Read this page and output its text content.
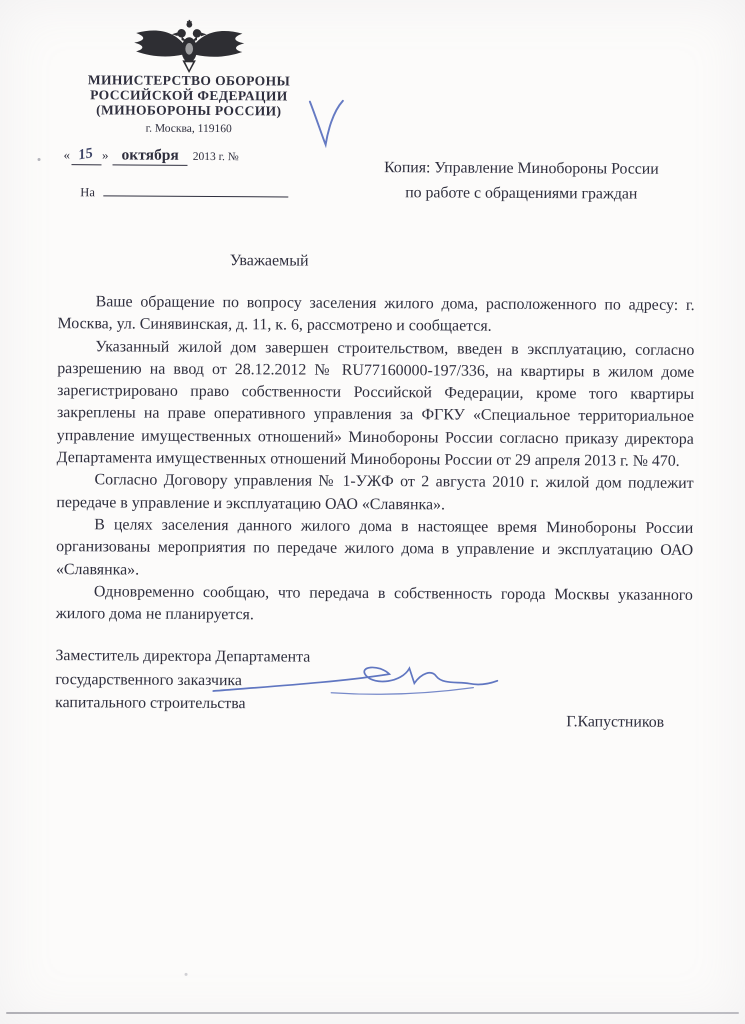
МИНИСТЕРСТВО ОБОРОНЫ
РОССИЙСКОЙ ФЕДЕРАЦИИ
(МИНОБОРОНЫ РОССИИ)
г. Москва, 119160
« 15 » октября 2013 г. №
На
Копия: Управление Минобороны России
по работе с обращениями граждан
Уважаемый

Ваше обращение по вопросу заселения жилого дома, расположенного по адресу: г. Москва, ул. Синявинская, д. 11, к. 6, рассмотрено и сообщается.

Указанный жилой дом завершен строительством, введен в эксплуатацию, согласно разрешению на ввод от 28.12.2012 № RU77160000-197/336, на квартиры в жилом доме зарегистрировано право собственности Российской Федерации, кроме того квартиры закреплены на праве оперативного управления за ФГКУ «Специальное территориальное управление имущественных отношений» Минобороны России согласно приказу директора Департамента имущественных отношений Минобороны России от 29 апреля 2013 г. № 470.

Согласно Договору управления № 1-УЖФ от 2 августа 2010 г. жилой дом подлежит передаче в управление и эксплуатацию ОАО «Славянка».

В целях заселения данного жилого дома в настоящее время Минобороны России организованы мероприятия по передаче жилого дома в управление и эксплуатацию ОАО «Славянка».

Одновременно сообщаю, что передача в собственность города Москвы указанного жилого дома не планируется.

Заместитель директора Департамента
государственного заказчика
капитального строительства
Г.Капустников
